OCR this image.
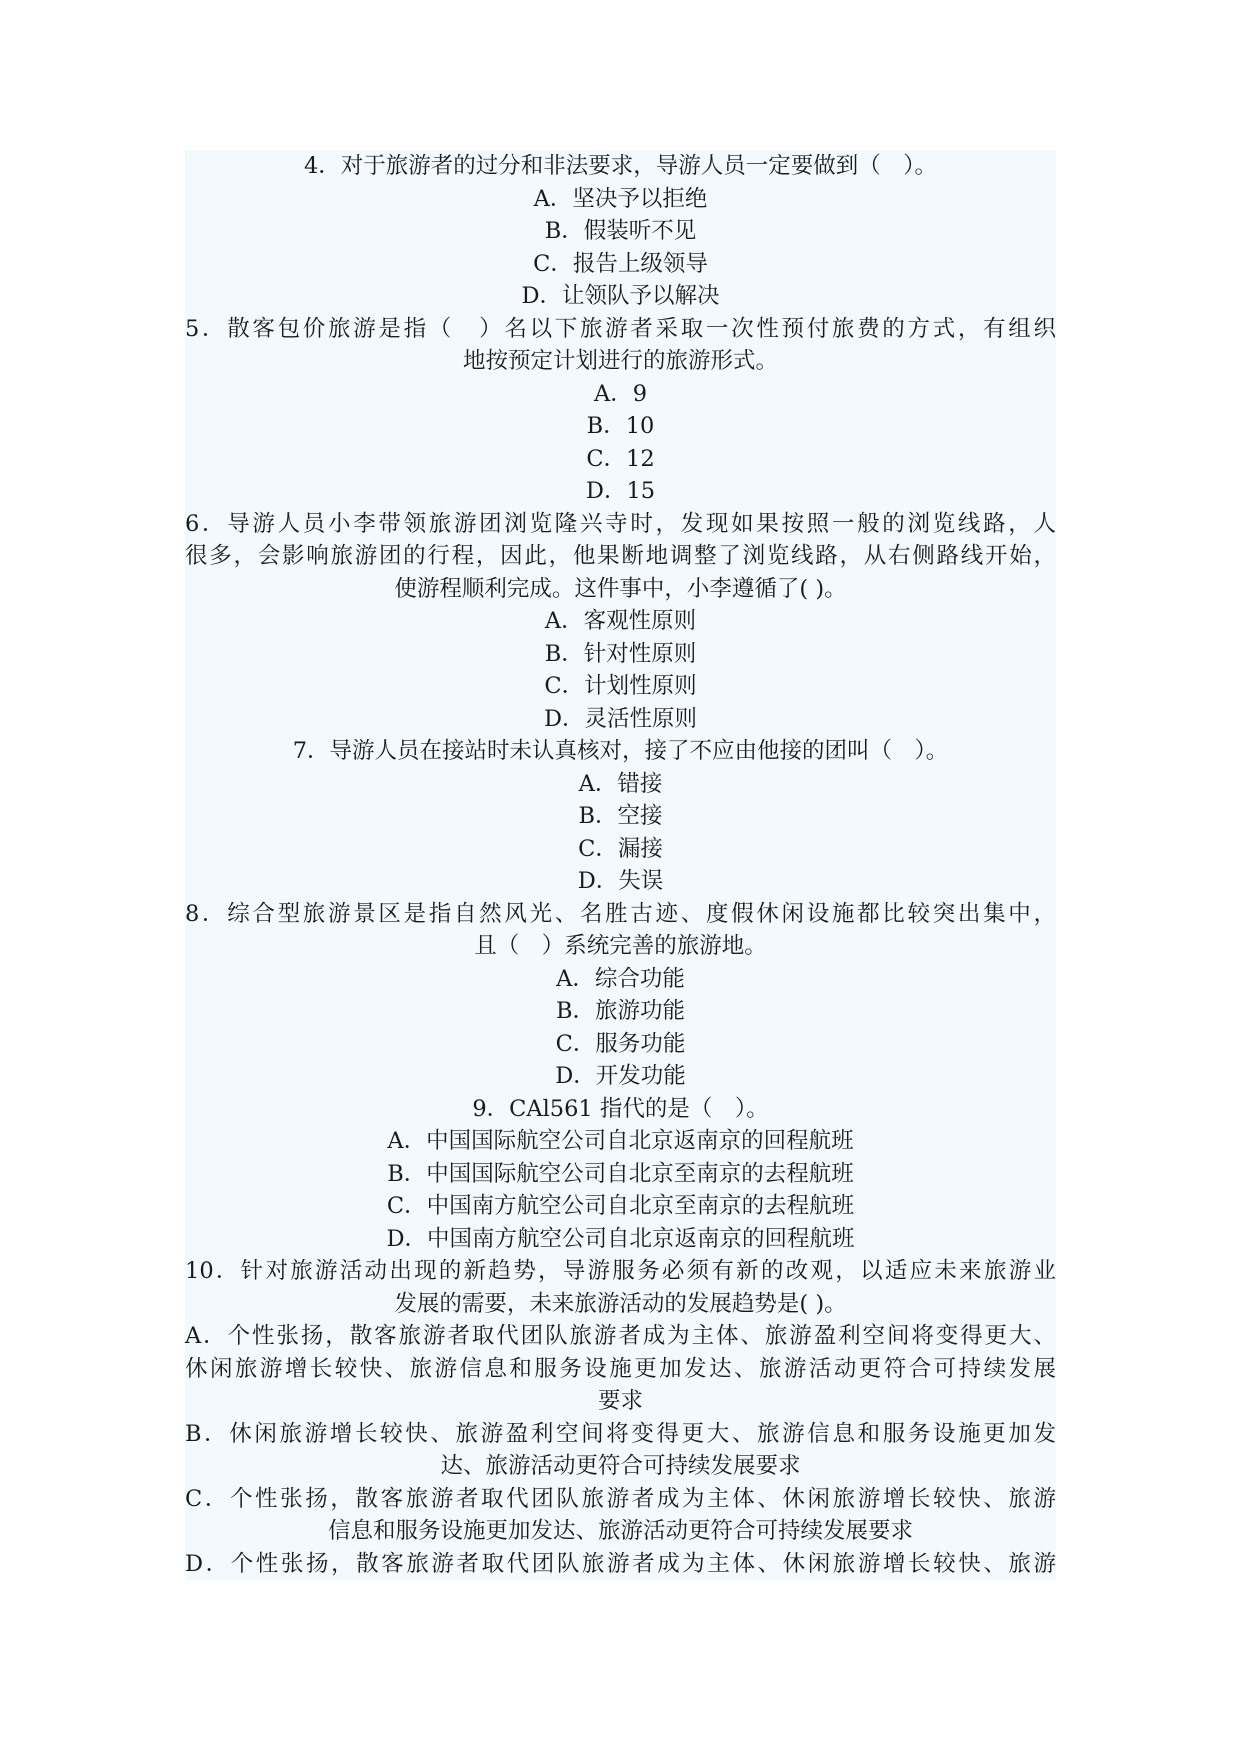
4．对于旅游者的过分和非法要求，导游人员一定要做到（　）。
A．坚决予以拒绝
B．假装听不见
C．报告上级领导
D．让领队予以解决
5．散客包价旅游是指（　）名以下旅游者采取一次性预付旅费的方式，有组织
地按预定计划进行的旅游形式。
A．9
B．10
C．12
D．15
6．导游人员小李带领旅游团浏览隆兴寺时，发现如果按照一般的浏览线路，人
很多，会影响旅游团的行程，因此，他果断地调整了浏览线路，从右侧路线开始，
使游程顺利完成。这件事中，小李遵循了( )。
A．客观性原则
B．针对性原则
C．计划性原则
D．灵活性原则
7．导游人员在接站时未认真核对，接了不应由他接的团叫（　）。
A．错接
B．空接
C．漏接
D．失误
8．综合型旅游景区是指自然风光、名胜古迹、度假休闲设施都比较突出集中，
且（　）系统完善的旅游地。
A．综合功能
B．旅游功能
C．服务功能
D．开发功能
9．CAl561 指代的是（　）。
A．中国国际航空公司自北京返南京的回程航班
B．中国国际航空公司自北京至南京的去程航班
C．中国南方航空公司自北京至南京的去程航班
D．中国南方航空公司自北京返南京的回程航班
10．针对旅游活动出现的新趋势，导游服务必须有新的改观，以适应未来旅游业
发展的需要，未来旅游活动的发展趋势是( )。
A．个性张扬，散客旅游者取代团队旅游者成为主体、旅游盈利空间将变得更大、
休闲旅游增长较快、旅游信息和服务设施更加发达、旅游活动更符合可持续发展
要求
B．休闲旅游增长较快、旅游盈利空间将变得更大、旅游信息和服务设施更加发
达、旅游活动更符合可持续发展要求
C．个性张扬，散客旅游者取代团队旅游者成为主体、休闲旅游增长较快、旅游
信息和服务设施更加发达、旅游活动更符合可持续发展要求
D．个性张扬，散客旅游者取代团队旅游者成为主体、休闲旅游增长较快、旅游
